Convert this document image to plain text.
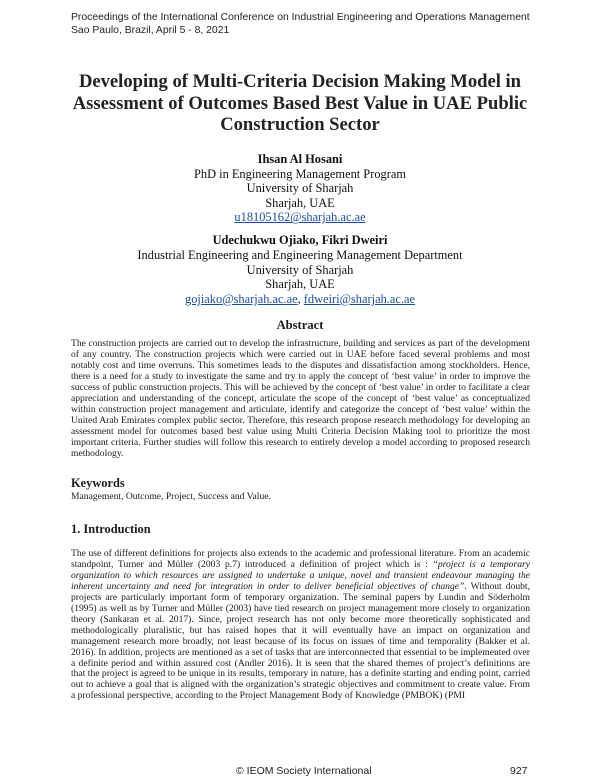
Proceedings of the International Conference on Industrial Engineering and Operations Management
Sao Paulo, Brazil, April 5 - 8, 2021
Developing of Multi-Criteria Decision Making Model in
Assessment of Outcomes Based Best Value in UAE Public
Construction Sector
Ihsan Al Hosani
PhD in Engineering Management Program
University of Sharjah
Sharjah, UAE
u18105162@sharjah.ac.ae
Udechukwu Ojiako, Fikri Dweiri
Industrial Engineering and Engineering Management Department
University of Sharjah
Sharjah, UAE
gojiako@sharjah.ac.ae, fdweiri@sharjah.ac.ae
Abstract
The construction projects are carried out to develop the infrastructure, building and services as part of the development of any country. The construction projects which were carried out in UAE before faced several problems and most notably cost and time overruns. This sometimes leads to the disputes and dissatisfaction among stockholders. Hence, there is a need for a study to investigate the same and try to apply the concept of ‘best value’ in order to improve the success of public construction projects. This will be achieved by the concept of ‘best value’ in order to facilitate a clear appreciation and understanding of the concept, articulate the scope of the concept of ‘best value’ as conceptualized within construction project management and articulate, identify and categorize the concept of ‘best value’ within the United Arab Emirates complex public sector. Therefore, this research propose research methodology for developing an assessment model for outcomes based best value using Multi Criteria Decision Making tool to prioritize the most important criteria. Further studies will follow this research to entirely develop a model according to proposed research methodology.
Keywords
Management, Outcome, Project, Success and Value.
1. Introduction
The use of different definitions for projects also extends to the academic and professional literature. From an academic standpoint, Turner and Müller (2003 p.7) introduced a definition of project which is : “project is a temporary organization to which resources are assigned to undertake a unique, novel and transient endeavour managing the inherent uncertainty and need for integration in order to deliver beneficial objectives of change”. Without doubt, projects are particularly important form of temporary organization. The seminal papers by Lundin and Söderholm (1995) as well as by Turner and Müller (2003) have tied research on project management more closely to organization theory (Sankaran et al. 2017). Since, project research has not only become more theoretically sophisticated and methodologically pluralistic, but has raised hopes that it will eventually have an impact on organization and management research more broadly, not least because of its focus on issues of time and temporality (Bakker et al. 2016). In addition, projects are mentioned as a set of tasks that are interconnected that essential to be implemented over a definite period and within assured cost (Andler 2016). It is seen that the shared themes of project’s definitions are that the project is agreed to be unique in its results, temporary in nature, has a definite starting and ending point, carried out to achieve a goal that is aligned with the organization’s strategic objectives and commitment to create value. From a professional perspective, according to the Project Management Body of Knowledge (PMBOK) (PMI
© IEOM Society International	927
